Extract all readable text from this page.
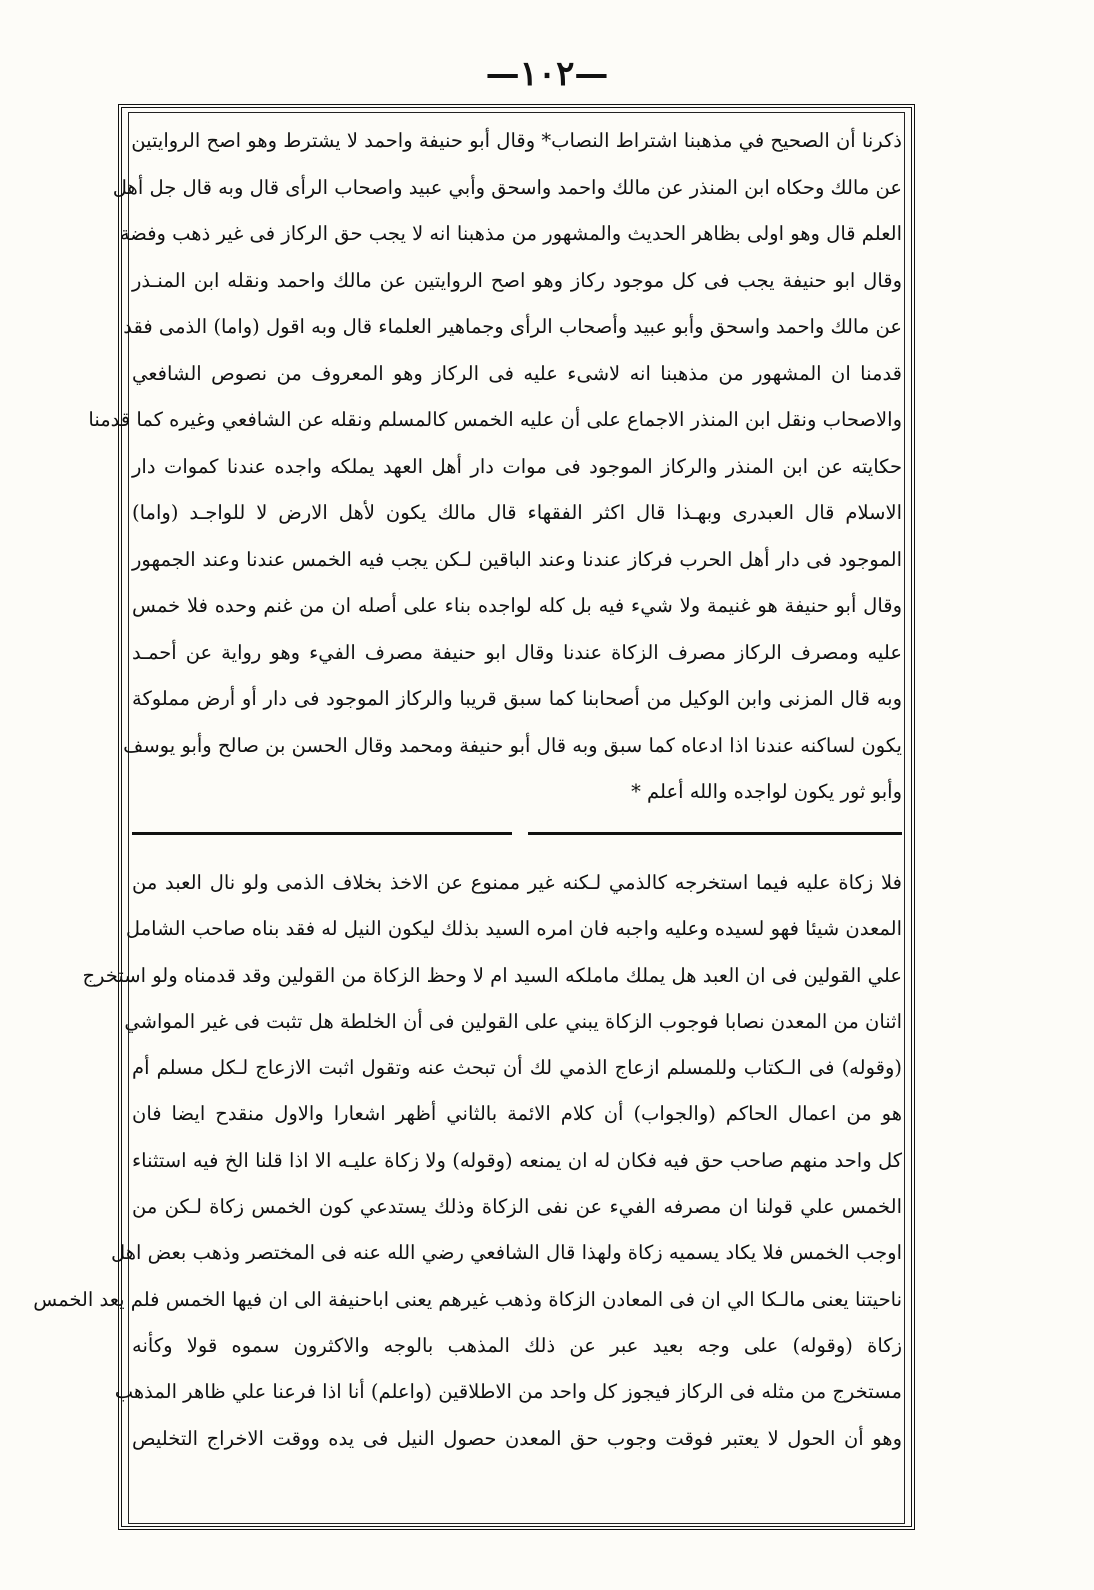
—١٠٢—
ذكرنا أن الصحيح في مذهبنا اشتراط النصاب* وقال أبو حنيفة واحمد لا يشترط وهو اصح الروايتين
عن مالك وحكاه ابن المنذر عن مالك واحمد واسحق وأبي عبيد واصحاب الرأى قال وبه قال جل أهل
العلم قال وهو اولى بظاهر الحديث والمشهور من مذهبنا انه لا يجب حق الركاز فى غير ذهب وفضة
وقال ابو حنيفة يجب فى كل موجود ركاز وهو اصح الروايتين عن مالك واحمد ونقله ابن المنـذر
عن مالك واحمد واسحق وأبو عبيد وأصحاب الرأى وجماهير العلماء قال وبه اقول (واما) الذمى فقد
قدمنا ان المشهور من مذهبنا انه لاشىء عليه فى الركاز وهو المعروف من نصوص الشافعي
والاصحاب ونقل ابن المنذر الاجماع على أن عليه الخمس كالمسلم ونقله عن الشافعي وغيره كما قدمنا
حكايته عن ابن المنذر والركاز الموجود فى موات دار أهل العهد يملكه واجده عندنا كموات دار
الاسلام قال العبدرى وبهـذا قال اكثر الفقهاء قال مالك يكون لأهل الارض لا للواجـد (واما)
الموجود فى دار أهل الحرب فركاز عندنا وعند الباقين لـكن يجب فيه الخمس عندنا وعند الجمهور
وقال أبو حنيفة هو غنيمة ولا شيء فيه بل كله لواجده بناء على أصله ان من غنم وحده فلا خمس
عليه ومصرف الركاز مصرف الزكاة عندنا وقال ابو حنيفة مصرف الفيء وهو رواية عن أحمـد
وبه قال المزنى وابن الوكيل من أصحابنا كما سبق قريبا والركاز الموجود فى دار أو أرض مملوكة
يكون لساكنه عندنا اذا ادعاه كما سبق وبه قال أبو حنيفة ومحمد وقال الحسن بن صالح وأبو يوسف
وأبو ثور يكون لواجده والله أعلم *
فلا زكاة عليه فيما استخرجه كالذمي لـكنه غير ممنوع عن الاخذ بخلاف الذمى ولو نال العبد من
المعدن شيئا فهو لسيده وعليه واجبه فان امره السيد بذلك ليكون النيل له فقد بناه صاحب الشامل
علي القولين فى ان العبد هل يملك ماملكه السيد ام لا وحظ الزكاة من القولين وقد قدمناه ولو استخرج
اثنان من المعدن نصابا فوجوب الزكاة يبني على القولين فى أن الخلطة هل تثبت فى غير المواشي
(وقوله) فى الـكتاب وللمسلم ازعاج الذمي لك أن تبحث عنه وتقول اثبت الازعاج لـكل مسلم أم
هو من اعمال الحاكم (والجواب) أن كلام الائمة بالثاني أظهر اشعارا والاول منقدح ايضا فان
كل واحد منهم صاحب حق فيه فكان له ان يمنعه (وقوله) ولا زكاة عليـه الا اذا قلنا الخ فيه استثناء
الخمس علي قولنا ان مصرفه الفيء عن نفى الزكاة وذلك يستدعي كون الخمس زكاة لـكن من
اوجب الخمس فلا يكاد يسميه زكاة ولهذا قال الشافعي رضي الله عنه فى المختصر وذهب بعض اهل
ناحيتنا يعنى مالـكا الي ان فى المعادن الزكاة وذهب غيرهم يعنى اباحنيفة الى ان فيها الخمس فلم يعد الخمس
زكاة (وقوله) على وجه بعيد عبر عن ذلك المذهب بالوجه والاكثرون سموه قولا وكأنه
مستخرج من مثله فى الركاز فيجوز كل واحد من الاطلاقين (واعلم) أنا اذا فرعنا علي ظاهر المذهب
وهو أن الحول لا يعتبر فوقت وجوب حق المعدن حصول النيل فى يده ووقت الاخراج التخليص
